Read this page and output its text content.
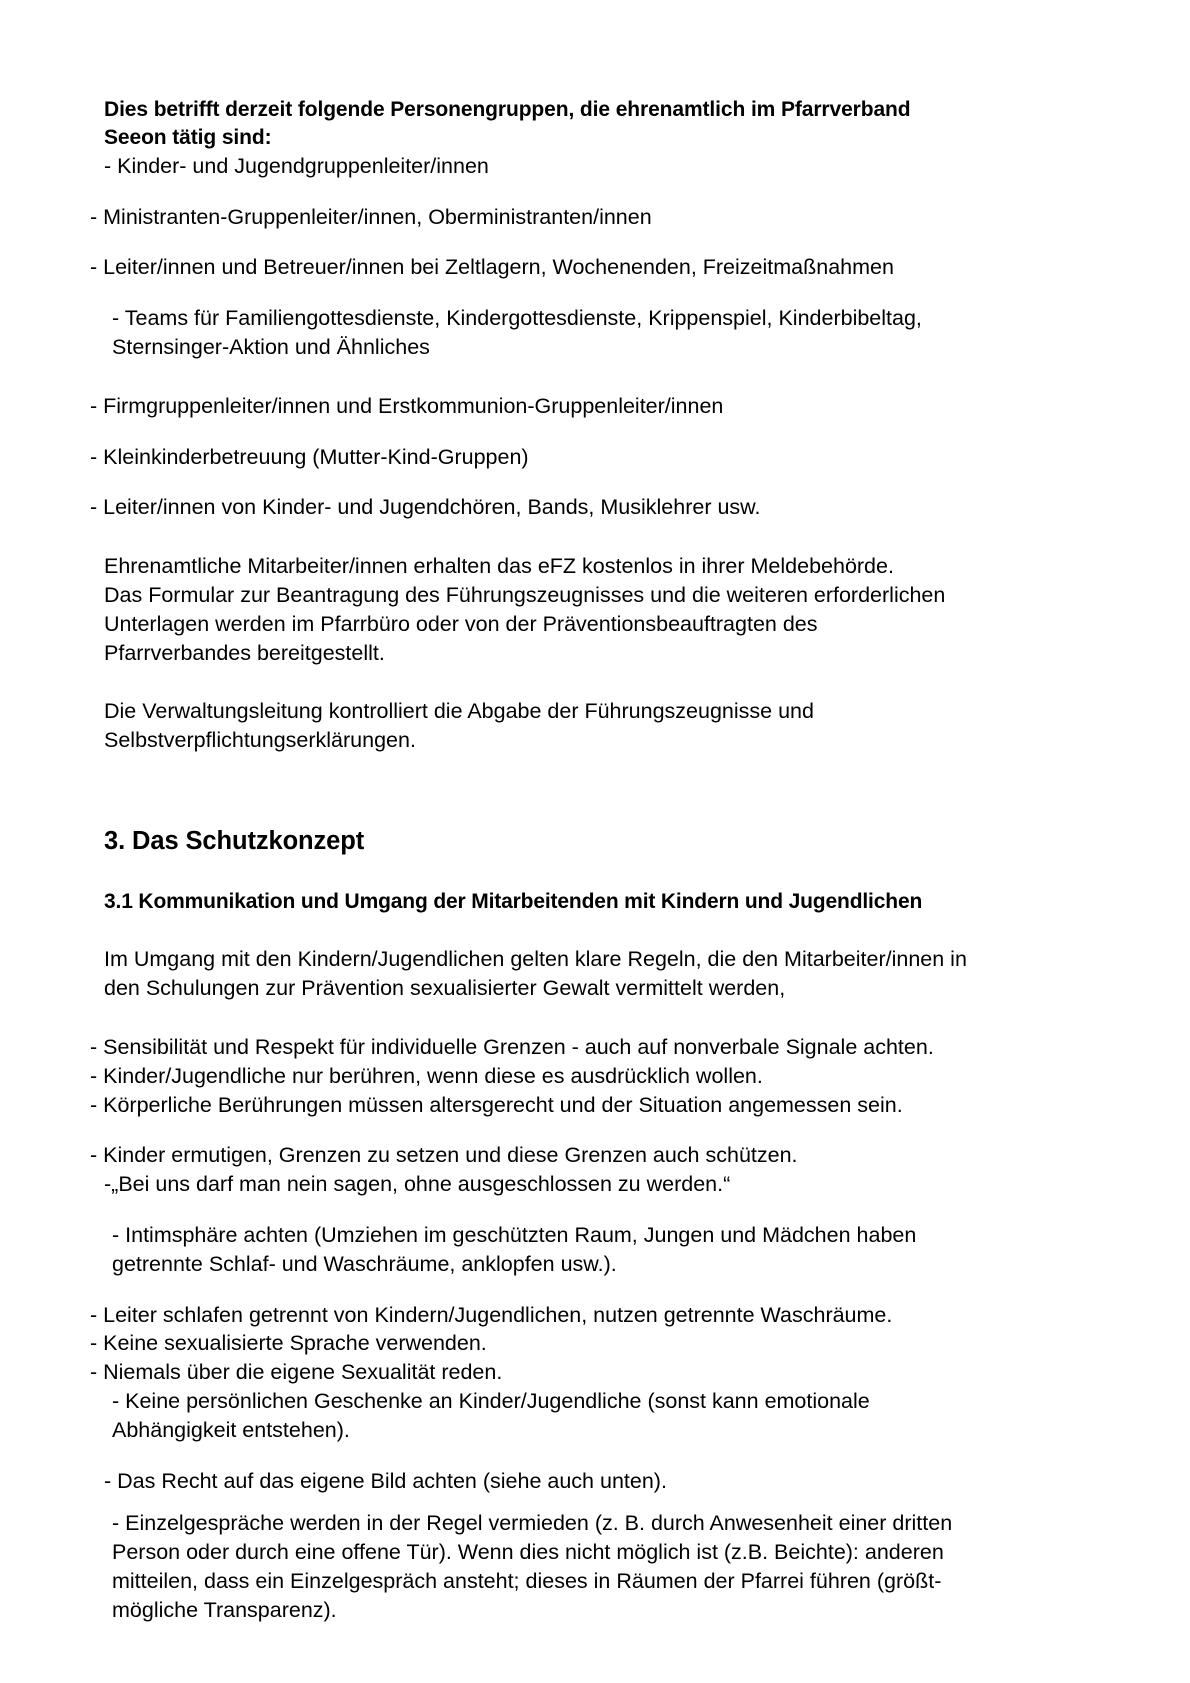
Dies betrifft derzeit folgende Personengruppen, die ehrenamtlich im Pfarrverband
Seeon tätig sind:
- Kinder- und Jugendgruppenleiter/innen
- Ministranten-Gruppenleiter/innen, Oberministranten/innen
- Leiter/innen und Betreuer/innen bei Zeltlagern, Wochenenden, Freizeitmaßnahmen
- Teams für Familiengottesdienste, Kindergottesdienste, Krippenspiel, Kinderbibeltag,
Sternsinger-Aktion und Ähnliches
- Firmgruppenleiter/innen und Erstkommunion-Gruppenleiter/innen
- Kleinkinderbetreuung (Mutter-Kind-Gruppen)
- Leiter/innen von Kinder- und Jugendchören, Bands, Musiklehrer usw.
Ehrenamtliche Mitarbeiter/innen erhalten das eFZ kostenlos in ihrer Meldebehörde.
Das Formular zur Beantragung des Führungszeugnisses und die weiteren erforderlichen
Unterlagen werden im Pfarrbüro oder von der Präventionsbeauftragten des
Pfarrverbandes bereitgestellt.
Die Verwaltungsleitung kontrolliert die Abgabe der Führungszeugnisse und
Selbstverpflichtungserklärungen.
3. Das Schutzkonzept
3.1 Kommunikation und Umgang der Mitarbeitenden mit Kindern und Jugendlichen
Im Umgang mit den Kindern/Jugendlichen gelten klare Regeln, die den Mitarbeiter/innen in
den Schulungen zur Prävention sexualisierter Gewalt vermittelt werden,
- Sensibilität und Respekt für individuelle Grenzen - auch auf nonverbale Signale achten.
- Kinder/Jugendliche nur berühren, wenn diese es ausdrücklich wollen.
- Körperliche Berührungen müssen altersgerecht und der Situation angemessen sein.
- Kinder ermutigen, Grenzen zu setzen und diese Grenzen auch schützen.
-„Bei uns darf man nein sagen, ohne ausgeschlossen zu werden.“
- Intimsphäre achten (Umziehen im geschützten Raum, Jungen und Mädchen haben
getrennte Schlaf- und Waschräume, anklopfen usw.).
- Leiter schlafen getrennt von Kindern/Jugendlichen, nutzen getrennte Waschräume.
- Keine sexualisierte Sprache verwenden.
- Niemals über die eigene Sexualität reden.
- Keine persönlichen Geschenke an Kinder/Jugendliche (sonst kann emotionale
Abhängigkeit entstehen).
- Das Recht auf das eigene Bild achten (siehe auch unten).
- Einzelgespräche werden in der Regel vermieden (z. B. durch Anwesenheit einer dritten
Person oder durch eine offene Tür). Wenn dies nicht möglich ist (z.B. Beichte): anderen
mitteilen, dass ein Einzelgespräch ansteht; dieses in Räumen der Pfarrei führen (größt-
mögliche Transparenz).
